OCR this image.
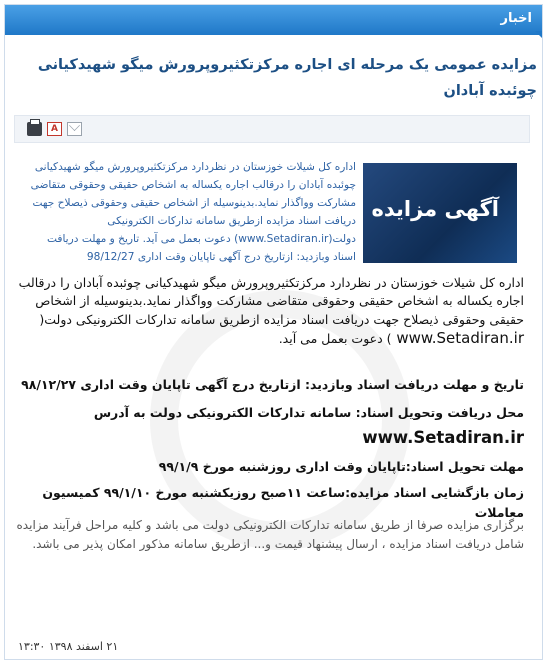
اخبار
مزایده عمومی یک مرحله ای اجاره مرکزتکثیروپرورش میگو شهیدکیانی چوئبده آبادان
A
آگهی مزایده
اداره کل شیلات خوزستان در نظردارد مرکزتکثیروپرورش میگو شهیدکیانی چوئبده آبادان را درقالب اجاره یکساله به اشخاص حقیقی وحقوقی متقاضی مشارکت وواگذار نماید.بدینوسیله از اشخاص حقیقی وحقوقی ذیصلاح جهت دریافت اسناد مزایده ازطریق سامانه تدارکات الکترونیکی دولت(www.Setadiran.ir) دعوت بعمل می آید. تاریخ و مهلت دریافت اسناد وبازدید: ازتاریخ درج آگهی تاپایان وقت اداری 98/12/27
اداره کل شیلات خوزستان در نظردارد مرکزتکثیروپرورش میگو شهیدکیانی چوئبده آبادان را درقالب اجاره یکساله به اشخاص حقیقی وحقوقی متقاضی مشارکت وواگذار نماید.بدینوسیله از اشخاص حقیقی وحقوقی ذیصلاح جهت دریافت اسناد مزایده ازطریق سامانه تدارکات الکترونیکی دولت( www.Setadiran.ir ) دعوت بعمل می آید.
تاریخ و مهلت دریافت اسناد وبازدید: ازتاریخ درج آگهی تاپایان وقت اداری ۹۸/۱۲/۲۷
محل دریافت وتحویل اسناد: سامانه تدارکات الکترونیکی دولت به آدرس
www.Setadiran.ir
مهلت تحویل اسناد:تاپایان وقت اداری روزشنبه مورخ ۹۹/۱/۹
زمان بازگشایی اسناد مزایده:ساعت ۱۱صبح روزیکشنبه مورخ ۹۹/۱/۱۰ کمیسیون معاملات
برگزاری مزایده صرفا از طریق سامانه تدارکات الکترونیکی دولت می باشد و کلیه مراحل فرآیند مزایده شامل دریافت اسناد مزایده ، ارسال پیشنهاد قیمت و... ازطریق سامانه مذکور امکان پذیر می باشد.
۲۱ اسفند ۱۳۹۸ ۱۳:۳۰
